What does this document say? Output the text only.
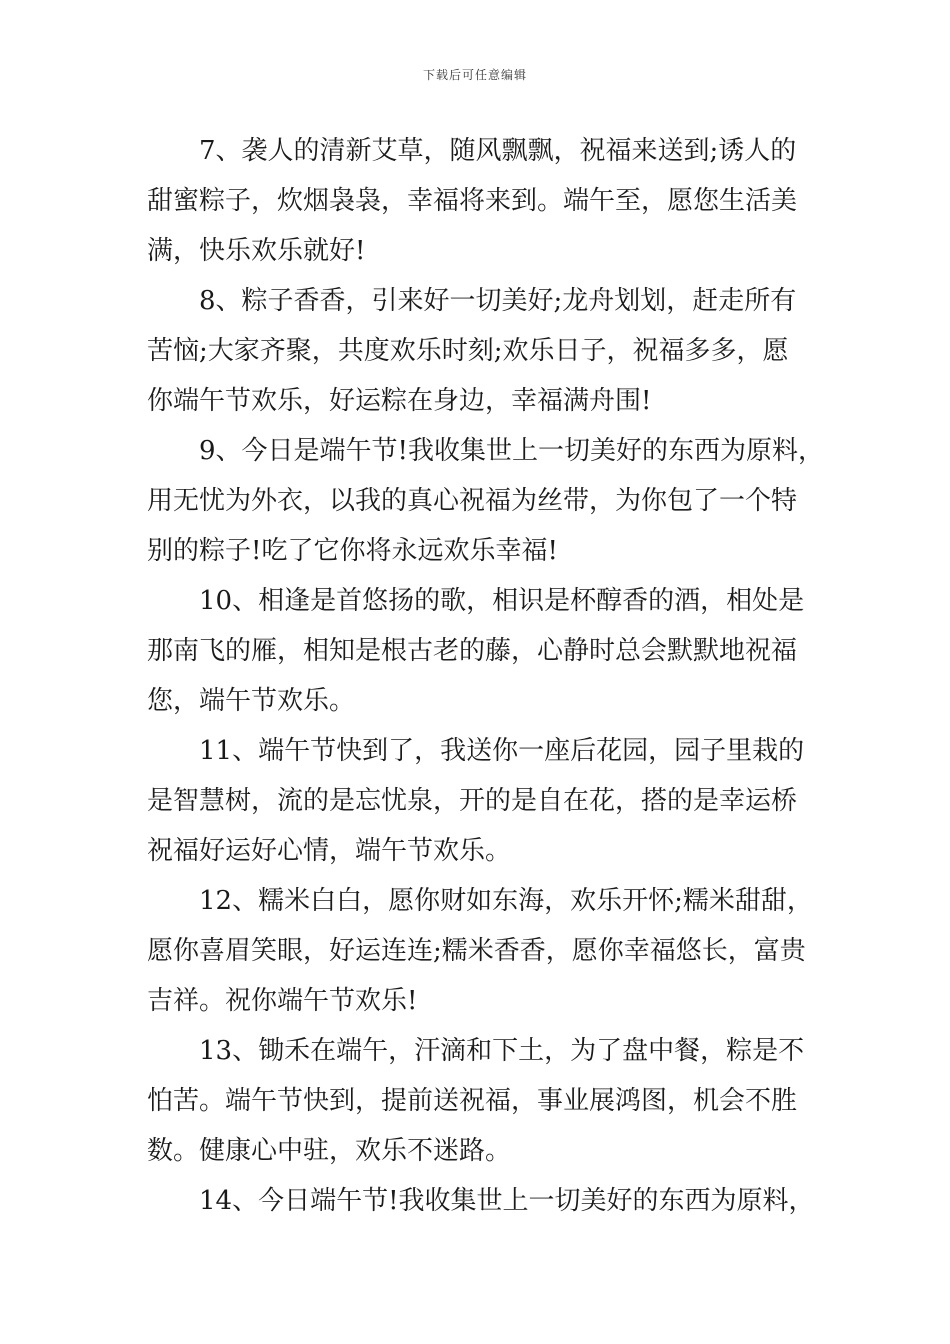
下载后可任意编辑
7、袭人的清新艾草，随风飘飘，祝福来送到;诱人的
甜蜜粽子，炊烟袅袅，幸福将来到。端午至，愿您生活美
满，快乐欢乐就好!
8、粽子香香，引来好一切美好;龙舟划划，赶走所有
苦恼;大家齐聚，共度欢乐时刻;欢乐日子，祝福多多，愿
你端午节欢乐，好运粽在身边，幸福满舟围!
9、今日是端午节!我收集世上一切美好的东西为原料，
用无忧为外衣，以我的真心祝福为丝带，为你包了一个特
别的粽子!吃了它你将永远欢乐幸福!
10、相逢是首悠扬的歌，相识是杯醇香的酒，相处是
那南飞的雁，相知是根古老的藤，心静时总会默默地祝福
您，端午节欢乐。
11、端午节快到了，我送你一座后花园，园子里栽的
是智慧树，流的是忘忧泉，开的是自在花，搭的是幸运桥
祝福好运好心情，端午节欢乐。
12、糯米白白，愿你财如东海，欢乐开怀;糯米甜甜，
愿你喜眉笑眼，好运连连;糯米香香，愿你幸福悠长，富贵
吉祥。祝你端午节欢乐!
13、锄禾在端午，汗滴和下土，为了盘中餐，粽是不
怕苦。端午节快到，提前送祝福，事业展鸿图，机会不胜
数。健康心中驻，欢乐不迷路。
14、今日端午节!我收集世上一切美好的东西为原料，
